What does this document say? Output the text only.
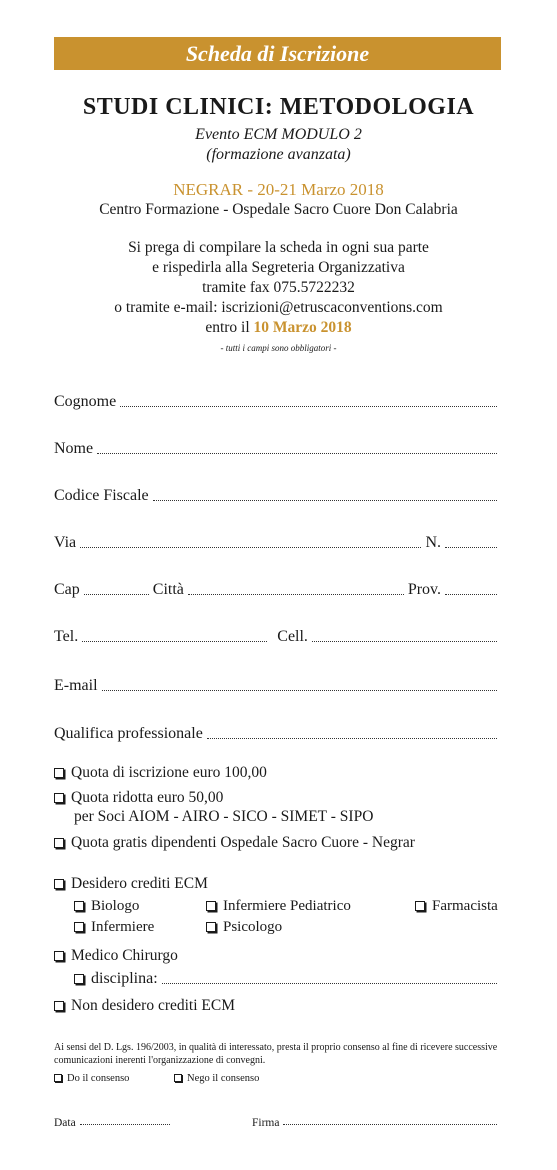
Scheda di Iscrizione
STUDI CLINICI: METODOLOGIA
Evento ECM MODULO 2
(formazione avanzata)
NEGRAR - 20-21 Marzo 2018
Centro Formazione - Ospedale Sacro Cuore Don Calabria
Si prega di compilare la scheda in ogni sua parte
e rispedirla alla Segreteria Organizzativa
tramite fax 075.5722232
o tramite e-mail: iscrizioni@etruscaconventions.com
entro il 10 Marzo 2018
- tutti i campi sono obbligatori -
Cognome
Nome
Codice Fiscale
Via	N.
Cap	Città	Prov.
Tel.	Cell.
E-mail
Qualifica professionale
Quota di iscrizione euro 100,00
Quota ridotta euro 50,00
per Soci AIOM - AIRO - SICO - SIMET - SIPO
Quota gratis dipendenti Ospedale Sacro Cuore - Negrar
Desidero crediti ECM
Biologo	Infermiere Pediatrico	Farmacista
Infermiere	Psicologo
Medico Chirurgo
disciplina:
Non desidero crediti ECM
Ai sensi del D. Lgs. 196/2003, in qualità di interessato, presta il proprio consenso al fine di ricevere successive comunicazioni inerenti l'organizzazione di convegni.
Do il consenso	Nego il consenso
Data	Firma
